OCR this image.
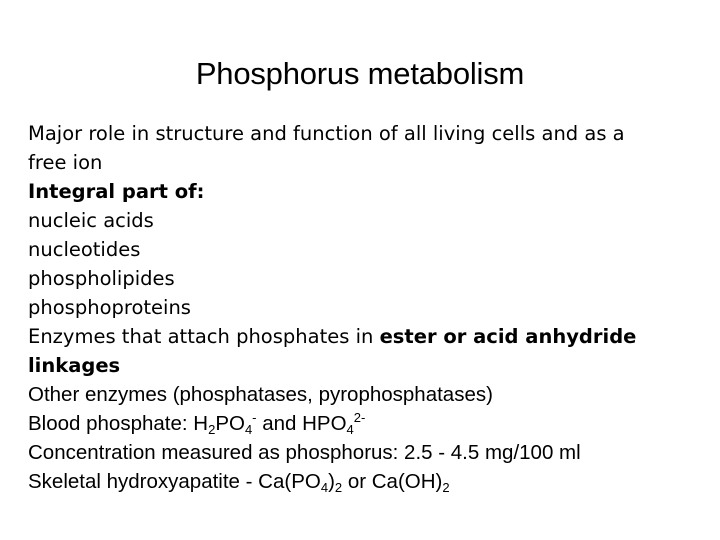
Phosphorus metabolism
Major role in structure and function of all living cells and as a
free ion
Integral part of:
nucleic acids
nucleotides
phospholipides
phosphoproteins
Enzymes that attach phosphates in ester or acid anhydride
linkages
Other enzymes (phosphatases, pyrophosphatases)
Blood phosphate: $H_2PO_4^-$ and $HPO_4^{2-}$
Concentration measured as phosphorus: 2.5 - 4.5 mg/100 ml
Skeletal hydroxyapatite - $Ca(PO_4)_2$ or $Ca(OH)_2$
